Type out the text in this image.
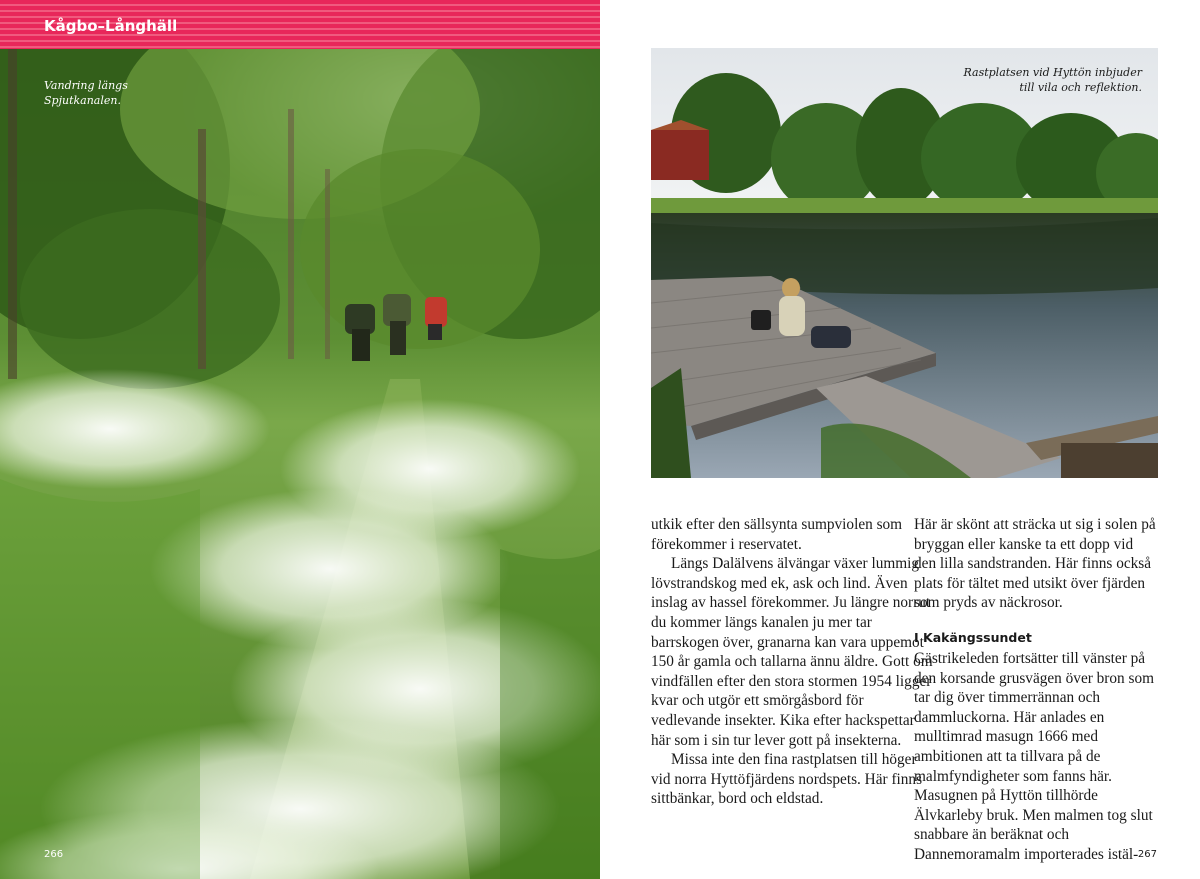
Kågbo–Långhäll
Vandring längs
Spjutkanalen.
266
Rastplatsen vid Hyttön inbjuder
till vila och reflektion.

utkik efter den sällsynta sumpviolen som förekommer i reservatet.

Längs Dalälvens älvängar växer lummig lövstrandskog med ek, ask och lind. Även inslag av hassel förekommer. Ju längre norrut du kommer längs kanalen ju mer tar barrskogen över, granarna kan vara uppemot 150 år gamla och tallarna ännu äldre. Gott om vindfällen efter den stora stormen 1954 ligger kvar och utgör ett smörgåsbord för vedlevande insekter. Kika efter hackspettar här som i sin tur lever gott på insekterna.

Missa inte den fina rastplatsen till höger vid norra Hyttöfjärdens nordspets. Här finns sittbänkar, bord och eldstad.

Här är skönt att sträcka ut sig i solen på bryggan eller kanske ta ett dopp vid den lilla sandstranden. Här finns också plats för tältet med utsikt över fjärden som pryds av näckrosor.

I Kakängssundet

Gästrikeleden fortsätter till vänster på den korsande grusvägen över bron som tar dig över timmerrännan och dammluckorna. Här anlades en mulltimrad masugn 1666 med ambitionen att ta tillvara på de malmfyndigheter som fanns här. Masugnen på Hyttön tillhörde Älvkarleby bruk. Men malmen tog slut snabbare än beräknat och Dannemoramalm importerades istäl- 267
